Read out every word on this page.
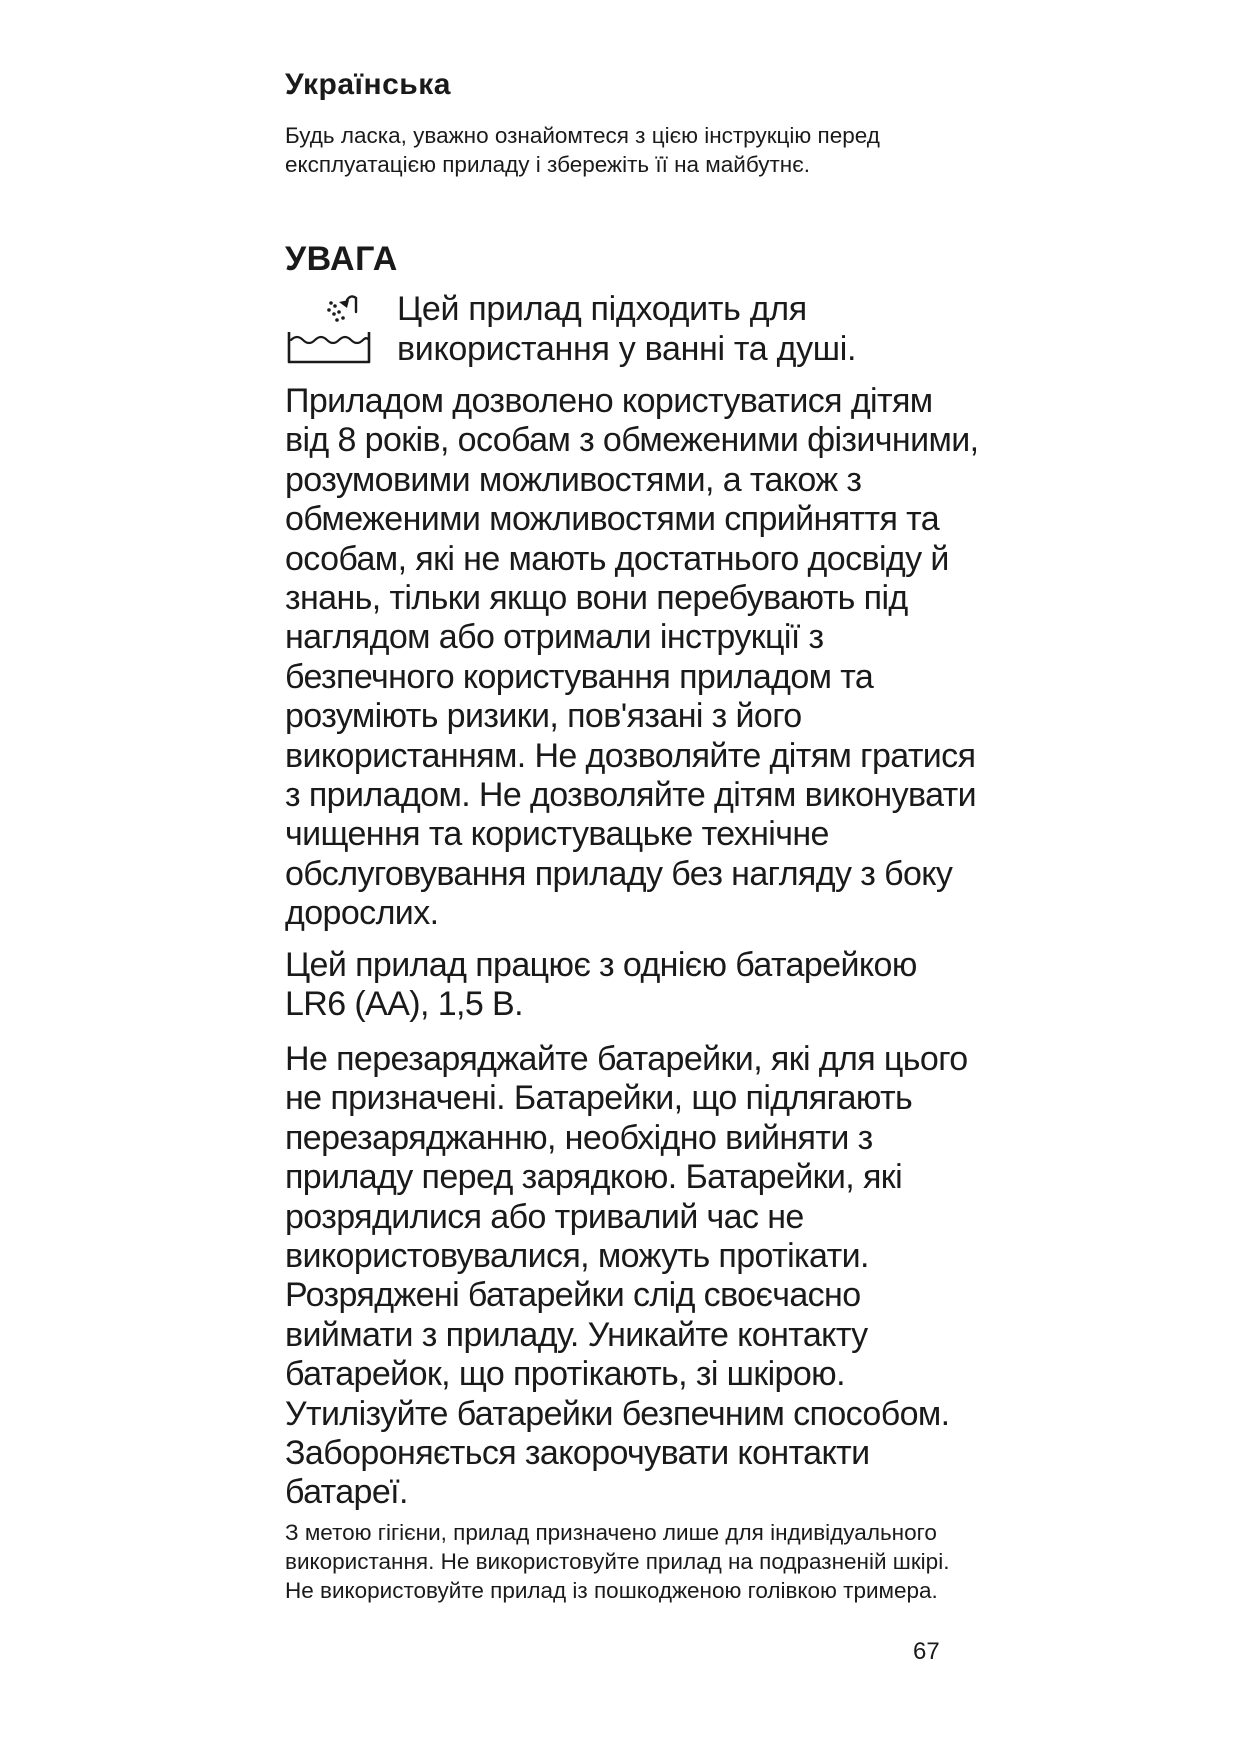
Українська

Будь ласка, уважно ознайомтеся з цією інструкцію перед експлуатацією приладу і збережіть її на майбутнє.

УВАГА

Цей прилад підходить для використання у ванні та душі.

Приладом дозволено користуватися дітям від 8 років, особам з обмеженими фізичними, розумовими можливостями, а також з обмеженими можливостями сприйняття та особам, які не мають достатнього досвіду й знань, тільки якщо вони перебувають під наглядом або отримали інструкції з безпечного користування приладом та розуміють ризики, пов'язані з його використанням. Не дозволяйте дітям гратися з приладом. Не дозволяйте дітям виконувати чищення та користувацьке технічне обслуговування приладу без нагляду з боку дорослих.

Цей прилад працює з однією батарейкою LR6 (AA), 1,5 В.

Не перезаряджайте батарейки, які для цього не призначені. Батарейки, що підлягають перезаряджанню, необхідно вийняти з приладу перед зарядкою. Батарейки, які розрядилися або тривалий час не використовувалися, можуть протікати. Розряджені батарейки слід своєчасно виймати з приладу. Уникайте контакту батарейок, що протікають, зі шкірою. Утилізуйте батарейки безпечним способом. Забороняється закорочувати контакти батареї.

З метою гігієни, прилад призначено лише для індивідуального використання. Не використовуйте прилад на подразненій шкірі. Не використовуйте прилад із пошкодженою голівкою тримера.

67
